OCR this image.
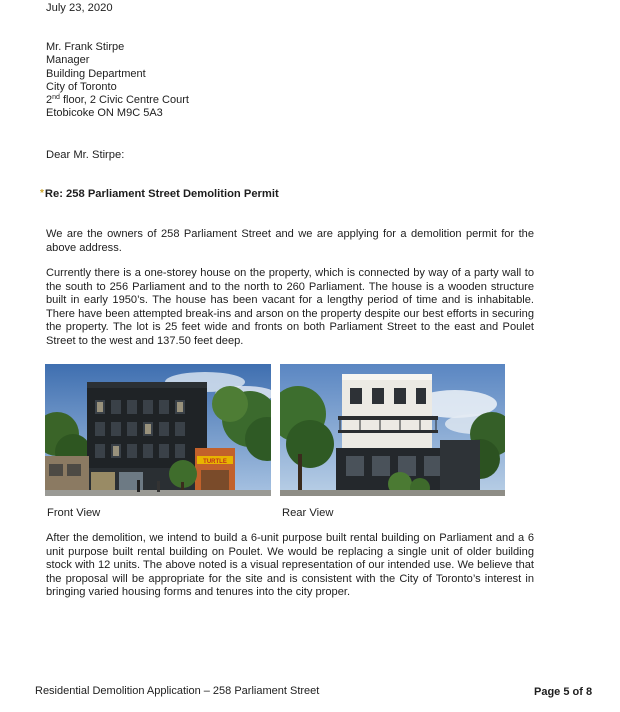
July 23, 2020
Mr. Frank Stirpe
Manager
Building Department
City of Toronto
2nd floor, 2 Civic Centre Court
Etobicoke ON M9C 5A3
Dear Mr. Stirpe:
*Re: 258 Parliament Street Demolition Permit

We are the owners of 258 Parliament Street and we are applying for a demolition permit for the above address.

Currently there is a one-storey house on the property, which is connected by way of a party wall to the south to 256 Parliament and to the north to 260 Parliament. The house is a wooden structure built in early 1950’s. The house has been vacant for a lengthy period of time and is inhabitable. There have been attempted break-ins and arson on the property despite our best efforts in securing the property. The lot is 25 feet wide and fronts on both Parliament Street to the east and Poulet Street to the west and 137.50 feet deep.

TURTLE
Front View	Rear View

After the demolition, we intend to build a 6-unit purpose built rental building on Parliament and a 6 unit purpose built rental building on Poulet. We would be replacing a single unit of older building stock with 12 units. The above noted is a visual representation of our intended use. We believe that the proposal will be appropriate for the site and is consistent with the City of Toronto’s interest in bringing varied housing forms and tenures into the city proper.

Residential Demolition Application – 258 Parliament Street	Page 5 of 8
